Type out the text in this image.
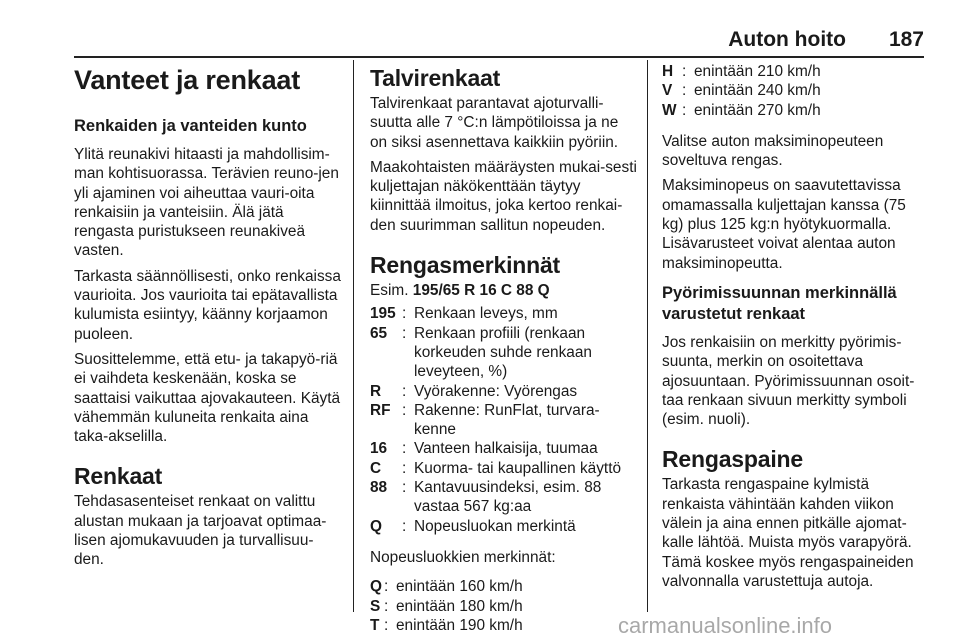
Auton hoito 187
Vanteet ja renkaat
Renkaiden ja vanteiden kunto

Ylitä reunakivi hitaasti ja mahdollisim-man kohtisuorassa. Terävien reuno-jen yli ajaminen voi aiheuttaa vauri-oita renkaisiin ja vanteisiin. Älä jätä rengasta puristukseen reunakiveä vasten.

Tarkasta säännöllisesti, onko renkaissa vaurioita. Jos vaurioita tai epätavallista kulumista esiintyy, käänny korjaamon puoleen.

Suosittelemme, että etu- ja takapyö-riä ei vaihdeta keskenään, koska se saattaisi vaikuttaa ajovakauteen. Käytä vähemmän kuluneita renkaita aina taka-akselilla.

Renkaat

Tehdasasenteiset renkaat on valittu alustan mukaan ja tarjoavat optimaa-lisen ajomukavuuden ja turvallisuu-den.

Talvirenkaat

Talvirenkaat parantavat ajoturvalli-suutta alle 7 °C:n lämpötiloissa ja ne on siksi asennettava kaikkiin pyöriin.

Maakohtaisten määräysten mukai-sesti kuljettajan näkökenttään täytyy kiinnittää ilmoitus, joka kertoo renkai-den suurimman sallitun nopeuden.

Rengasmerkinnät
Esim. 195/65 R 16 C 88 Q
195 : Renkaan leveys, mm
65 : Renkaan profiili (renkaan korkeuden suhde renkaan leveyteen, %)
R	: Vyörakenne: Vyörengas
RF : Rakenne: RunFlat, turvara-kenne
16 : Vanteen halkaisija, tuumaa
C	: Kuorma- tai kaupallinen käyttö
88 : Kantavuusindeksi, esim. 88 vastaa 567 kg:aa
Q	: Nopeusluokan merkintä

Nopeusluokkien merkinnät:

Q : enintään 160 km/h
S : enintään 180 km/h
T : enintään 190 km/h
H : enintään 210 km/h
V : enintään 240 km/h
W : enintään 270 km/h

Valitse auton maksiminopeuteen soveltuva rengas.

Maksiminopeus on saavutettavissa omamassalla kuljettajan kanssa (75 kg) plus 125 kg:n hyötykuormalla. Lisävarusteet voivat alentaa auton maksiminopeutta.

Pyörimissuunnan merkinnällä varustetut renkaat

Jos renkaisiin on merkitty pyörimis-suunta, merkin on osoitettava ajosuuntaan. Pyörimissuunnan osoit-taa renkaan sivuun merkitty symboli (esim. nuoli).

Rengaspaine

Tarkasta rengaspaine kylmistä renkaista vähintään kahden viikon välein ja aina ennen pitkälle ajomat-kalle lähtöä. Muista myös varapyörä. Tämä koskee myös rengaspaineiden valvonnalla varustettuja autoja.

carmanualsonline.info
